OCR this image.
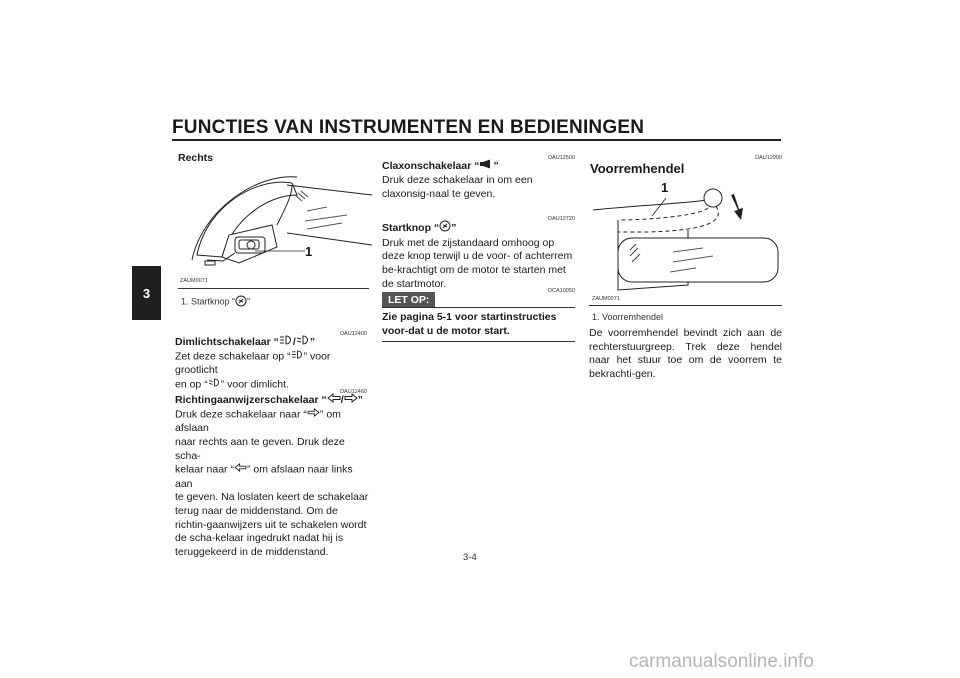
FUNCTIES VAN INSTRUMENTEN EN BEDIENINGEN
3
Rechts
1
ZAUM0071
1. Startknop “ ”
DAU12400

Dimlichtschakelaar “ / ”

Zet deze schakelaar op “ ” voor grootlicht

en op “ ” voor dimlicht.

DAU12460

Richtingaanwijzerschakelaar “ / ”

Druk deze schakelaar naar “ ” om afslaan

naar rechts aan te geven. Druk deze scha-

kelaar naar “ ” om afslaan naar links aan

te geven. Na loslaten keert de schakelaar terug naar de middenstand. Om de richtin-gaanwijzers uit te schakelen wordt de scha-kelaar ingedrukt nadat hij is teruggekeerd in de middenstand.

DAU12500

Claxonschakelaar “ ”

Druk deze schakelaar in om een claxonsig-naal te geven.

DAU12720

Startknop “ ”

Druk met de zijstandaard omhoog op deze knop terwijl u de voor- of achterrem be-krachtigt om de motor te starten met de startmotor.

LET OP:
DCA10050
Zie pagina 5-1 voor startinstructies voor-dat u de motor start.
DAU12900
Voorremhendel
1
ZAUM0071
1. Voorremhendel
De voorremhendel bevindt zich aan de rechterstuurgreep. Trek deze hendel naar het stuur toe om de voorrem te bekrachti-gen.
3-4
carmanualsonline.info
